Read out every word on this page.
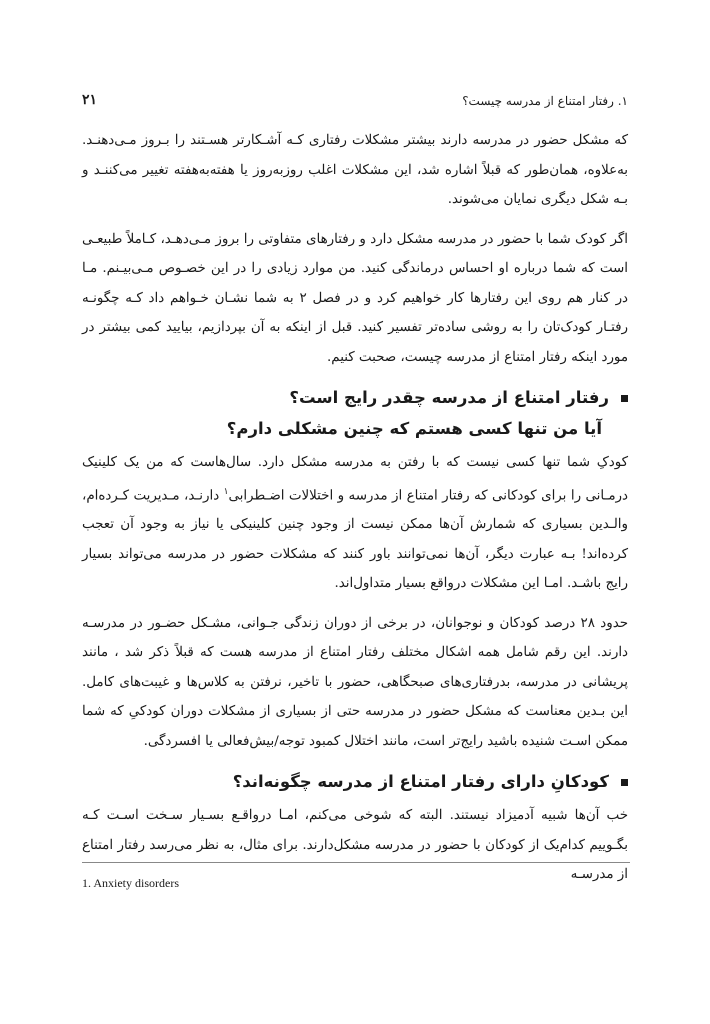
۱. رفتار امتناع از مدرسه چیست؟
۲۱

که مشکل حضور در مدرسه دارند بیشتر مشکلات رفتاری کـه آشـکارتر هسـتند را بـروز مـی‌دهنـد. به‌علاوه، همان‌طور که قبلاً اشاره شد، این مشکلات اغلب روزبه‌روز یا هفته‌به‌هفته تغییر می‌کننـد و بـه شکل دیگری نمایان می‌شوند.

اگر کودک شما با حضور در مدرسه مشکل دارد و رفتارهای متفاوتی را بروز مـی‌دهـد، کـاملاً طبیعـی است که شما درباره او احساس درماندگی کنید. من موارد زیادی را در این خصـوص مـی‌بیـنم. مـا در کنار هم روی این رفتارها کار خواهیم کرد و در فصل ۲ به شما نشـان خـواهم داد کـه چگونـه رفتـار کودک‌تان را به روشی ساده‌تر تفسیر کنید. قبل از اینکه به آن بپردازیم، بیایید کمی بیشتر در مورد اینکه رفتار امتناع از مدرسه چیست، صحبت کنیم.

رفتار امتناع از مدرسه چقدر رایج است؟
آیا من تنها کسی هستم که چنین مشکلی دارم؟

کودکِ شما تنها کسی نیست که با رفتن به مدرسه مشکل دارد. سال‌هاست که من یک کلینیک درمـانی را برای کودکانی که رفتار امتناع از مدرسه و اختلالات اضـطرابی$^۱$ دارنـد، مـدیریت کـرده‌ام، والـدین بسیاری که شمارش آن‌ها ممکن نیست از وجود چنین کلینیکی یا نیاز به وجود آن تعجب کرده‌اند! بـه عبارت دیگر، آن‌ها نمی‌توانند باور کنند که مشکلات حضور در مدرسه می‌تواند بسیار رایج باشـد. امـا این مشکلات درواقع بسیار متداول‌اند.

حدود ۲۸ درصد کودکان و نوجوانان، در برخی از دوران زندگی جـوانی، مشـکل حضـور در مدرسـه دارند. این رقم شامل همه اشکال مختلف رفتار امتناع از مدرسه هست که قبلاً ذکر شد ، مانند پریشانی در مدرسه، بدرفتاری‌های صبحگاهی، حضور با تاخیر، نرفتن به کلاس‌ها و غیبت‌های کامل. این بـدین معناست که مشکل حضور در مدرسه حتی از بسیاری از مشکلات دوران کودکیِ که شما ممکن اسـت شنیده باشید رایج‌تر است، مانند اختلال کمبود توجه/بیش‌فعالی یا افسردگی.

کودکانِ دارای رفتار امتناع از مدرسه چگونه‌اند؟

خب آن‌ها شبیه آدمیزاد نیستند. البته که شوخی می‌کنم، امـا درواقـع بسـیار سـخت اسـت کـه بگـوییم کدام‌یک از کودکان با حضور در مدرسه مشکل‌دارند. برای مثال، به نظر می‌رسد رفتار امتناع از مدرسـه

1. Anxiety disorders
